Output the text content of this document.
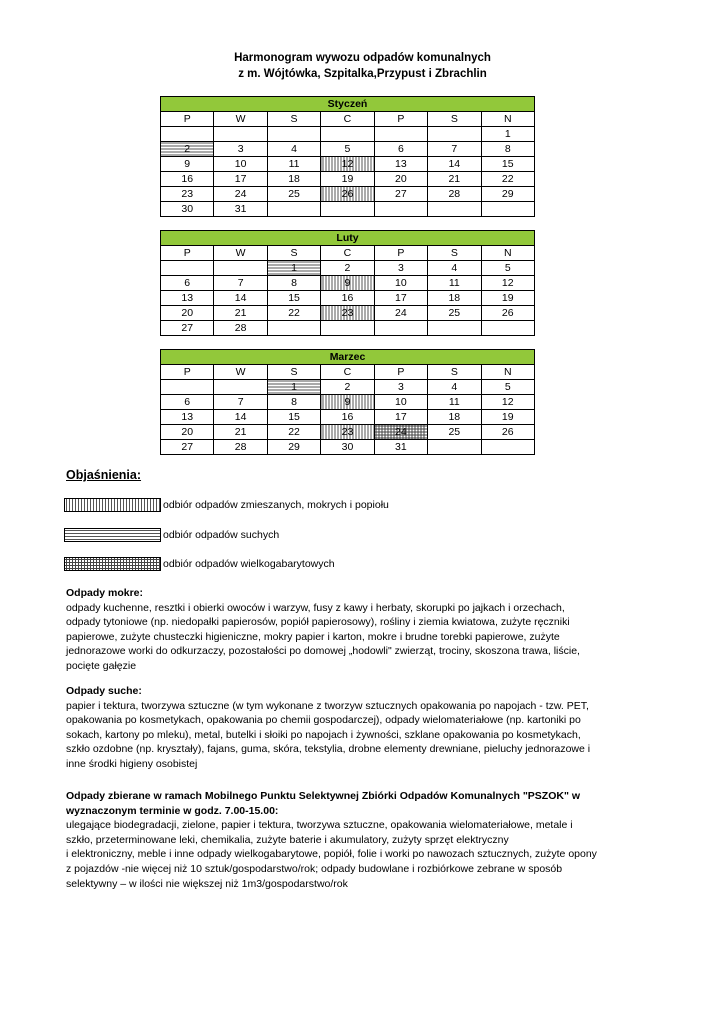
Harmonogram wywozu odpadów komunalnych
z m. Wójtówka, Szpitalka,Przypust i Zbrachlin
Styczeń						
P	W	S	C	P	S	N
						1
2	3	4	5	6	7	8
9	10	11	12	13	14	15
16	17	18	19	20	21	22
23	24	25	26	27	28	29
30	31					
Luty						
P	W	S	C	P	S	N
		1	2	3	4	5
6	7	8	9	10	11	12
13	14	15	16	17	18	19
20	21	22	23	24	25	26
27	28					
Marzec						
P	W	S	C	P	S	N
		1	2	3	4	5
6	7	8	9	10	11	12
13	14	15	16	17	18	19
20	21	22	23	24	25	26
27	28	29	30	31		
Objaśnienia:
odbiór odpadów zmieszanych, mokrych i popiołu
odbiór odpadów suchych
odbiór odpadów wielkogabarytowych
Odpady mokre:
odpady kuchenne, resztki i obierki owoców i warzyw, fusy z kawy i herbaty, skorupki po jajkach i orzechach,
odpady tytoniowe (np. niedopałki papierosów, popiół papierosowy), rośliny i ziemia kwiatowa, zużyte ręczniki
papierowe, zużyte chusteczki higieniczne, mokry papier i karton, mokre i brudne torebki papierowe, zużyte
jednorazowe worki do odkurzaczy, pozostałości po domowej „hodowli" zwierząt, trociny, skoszona trawa, liście,
pocięte gałęzie
Odpady suche:
papier i tektura, tworzywa sztuczne (w tym wykonane z tworzyw sztucznych opakowania po napojach - tzw. PET,
opakowania po kosmetykach, opakowania po chemii gospodarczej), odpady wielomateriałowe (np. kartoniki po
sokach, kartony po mleku), metal, butelki i słoiki po napojach i żywności, szklane opakowania po kosmetykach,
szkło ozdobne (np. kryształy), fajans, guma, skóra, tekstylia, drobne elementy drewniane, pieluchy jednorazowe i
inne środki higieny osobistej
Odpady zbierane w ramach Mobilnego Punktu Selektywnej Zbiórki Odpadów Komunalnych "PSZOK" w
wyznaczonym terminie w godz. 7.00-15.00:
ulegające biodegradacji, zielone, papier i tektura, tworzywa sztuczne, opakowania wielomateriałowe, metale i
szkło, przeterminowane leki, chemikalia, zużyte baterie i akumulatory, zużyty sprzęt elektryczny
i elektroniczny, meble i inne odpady wielkogabarytowe, popiół, folie i worki po nawozach sztucznych, zużyte opony
z pojazdów -nie więcej niż 10 sztuk/gospodarstwo/rok; odpady budowlane i rozbiórkowe zebrane w sposób
selektywny – w ilości nie większej niż 1m3/gospodarstwo/rok
